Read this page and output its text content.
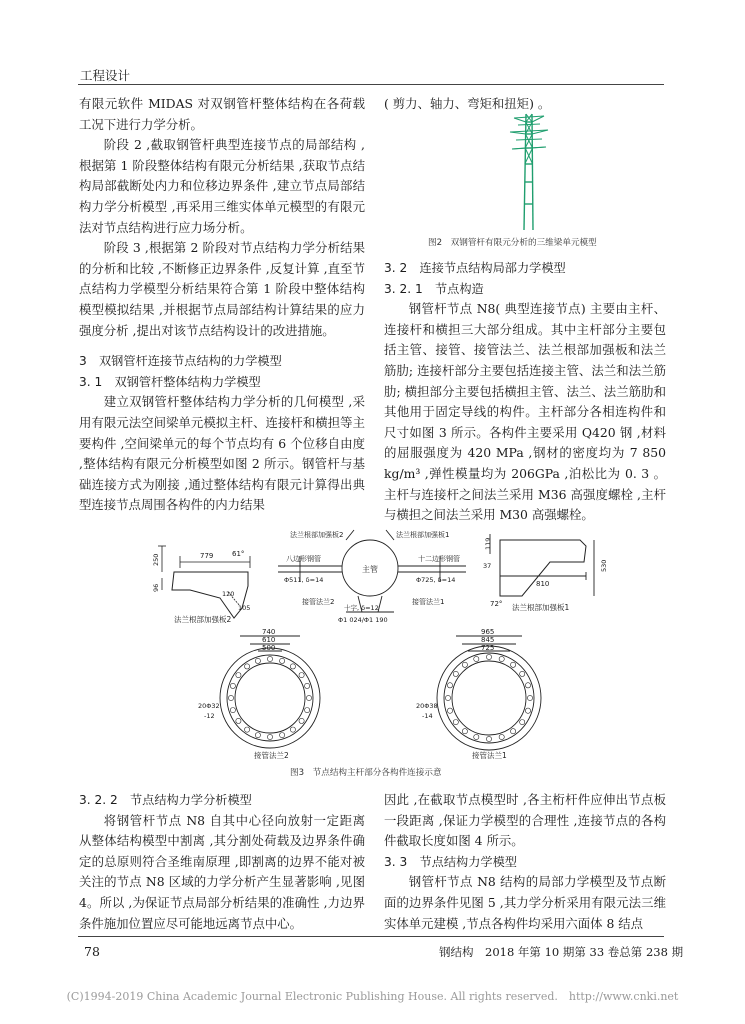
工程设计

有限元软件 MIDAS 对双钢管杆整体结构在各荷载工况下进行力学分析。

阶段 2 ,截取钢管杆典型连接节点的局部结构 ,根据第 1 阶段整体结构有限元分析结果 ,获取节点结构局部截断处内力和位移边界条件 ,建立节点局部结构力学分析模型 ,再采用三维实体单元模型的有限元法对节点结构进行应力场分析。

阶段 3 ,根据第 2 阶段对节点结构力学分析结果的分析和比较 ,不断修正边界条件 ,反复计算 ,直至节点结构力学模型分析结果符合第 1 阶段中整体结构模型模拟结果 ,并根据节点局部结构计算结果的应力强度分析 ,提出对该节点结构设计的改进措施。

3　双钢管杆连接节点结构的力学模型

3. 1　双钢管杆整体结构力学模型

建立双钢管杆整体结构力学分析的几何模型 ,采用有限元法空间梁单元模拟主杆、连接杆和横担等主要构件 ,空间梁单元的每个节点均有 6 个位移自由度 ,整体结构有限元分析模型如图 2 所示。钢管杆与基础连接方式为刚接 ,通过整体结构有限元计算得出典型连接节点周围各构件的内力结果

( 剪力、轴力、弯矩和扭矩) 。

图2　双钢管杆有限元分析的三维梁单元模型

3. 2　连接节点结构局部力学模型

3. 2. 1　节点构造

钢管杆节点 N8( 典型连接节点) 主要由主杆、连接杆和横担三大部分组成。其中主杆部分主要包括主管、接管、接管法兰、法兰根部加强板和法兰筋肋; 连接杆部分主要包括连接主管、法兰和法兰筋肋; 横担部分主要包括横担主管、法兰、法兰筋肋和其他用于固定导线的构件。主杆部分各相连构件和尺寸如图 3 所示。各构件主要采用 Q420 钢 ,材料的屈服强度为 420 MPa ,钢材的密度均为 7 850 kg/m³ ,弹性模量均为 206GPa ,泊松比为 0. 3 。主杆与连接杆之间法兰采用 M36 高强度螺栓 ,主杆与横担之间法兰采用 M30 高强螺栓。

779	61°
250
96
120
105
法兰根部加强板2
法兰根部加强板2	法兰根部加强板1
八边形钢管
Φ511, δ=14
十二边形钢管
Φ725, δ=14
主管
接管法兰2	接管法兰1
十字, δ=12
Φ1 024/Φ1 190
119
37
810
530
72° 法兰根部加强板1
740
610
500
20Φ32
-12
接管法兰2
965
845
725
20Φ38
-14
接管法兰1
图3　节点结构主杆部分各构件连接示意

3. 2. 2　节点结构力学分析模型

将钢管杆节点 N8 自其中心径向放射一定距离从整体结构模型中割离 ,其分割处荷载及边界条件确定的总原则符合圣维南原理 ,即割离的边界不能对被关注的节点 N8 区域的力学分析产生显著影响 ,见图 4。所以 ,为保证节点局部分析结果的准确性 ,力边界条件施加位置应尽可能地远离节点中心。

因此 ,在截取节点模型时 ,各主桁杆件应伸出节点板一段距离 ,保证力学模型的合理性 ,连接节点的各构件截取长度如图 4 所示。

3. 3　节点结构力学模型

钢管杆节点 N8 结构的局部力学模型及节点断面的边界条件见图 5 ,其力学分析采用有限元法三维实体单元建模 ,节点各构件均采用六面体 8 结点

78	钢结构　2018 年第 10 期第 33 卷总第 238 期
(C)1994-2019 China Academic Journal Electronic Publishing House. All rights reserved.　http://www.cnki.net
